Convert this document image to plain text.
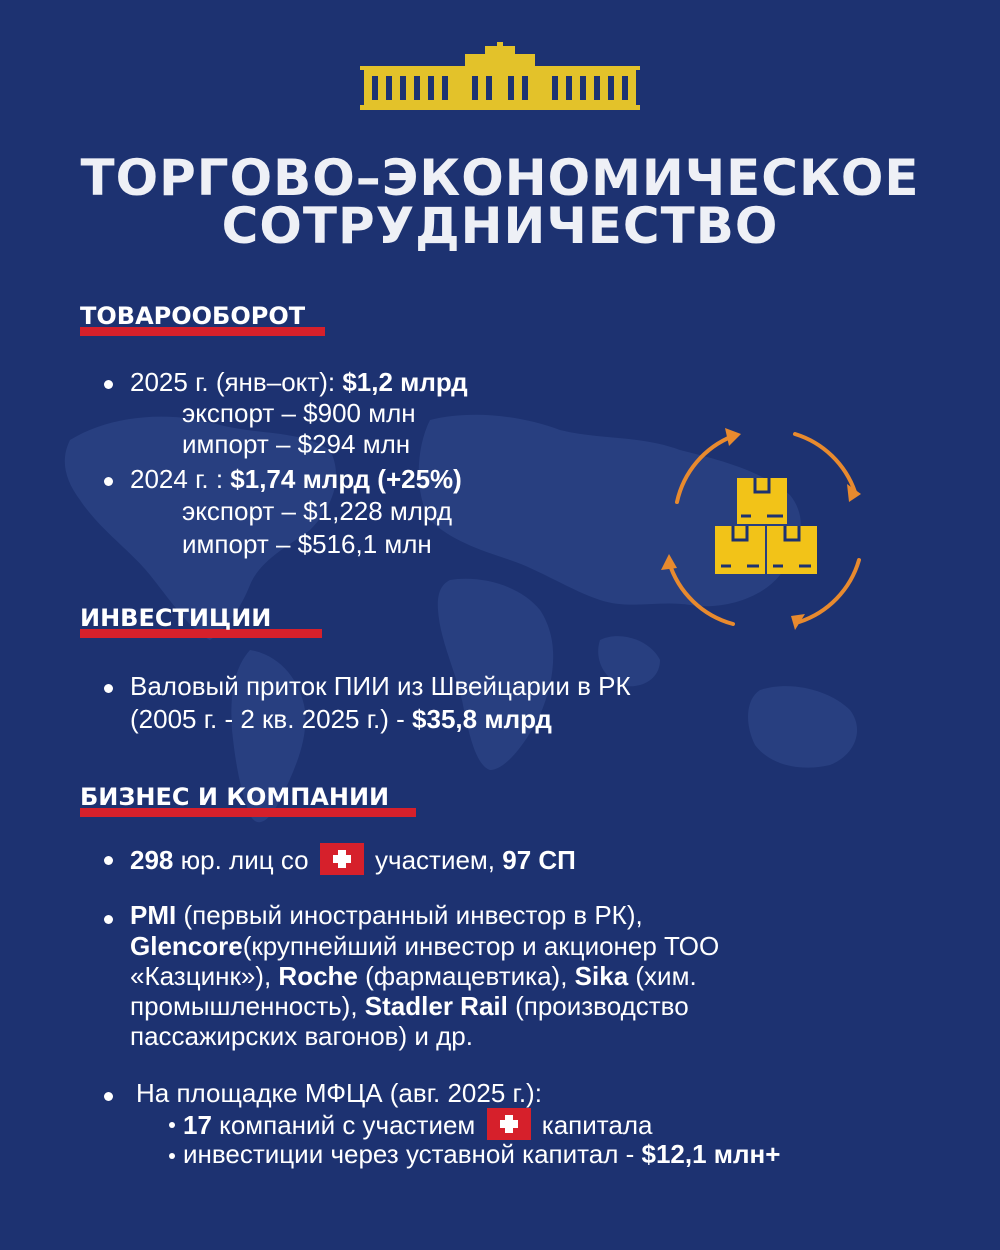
ТОРГОВО–ЭКОНОМИЧЕСКОЕ
СОТРУДНИЧЕСТВО
ТОВАРООБОРОТ
2025 г. (янв–окт): $1,2 млрд
экспорт – $900 млн
импорт – $294 млн
2024 г. : $1,74 млрд (+25%)
экспорт – $1,228 млрд
импорт – $516,1 млн
ИНВЕСТИЦИИ
Валовый приток ПИИ из Швейцарии в РК
(2005 г. - 2 кв. 2025 г.) - $35,8 млрд
БИЗНЕС И КОМПАНИИ
298 юр. лиц со  участием, 97 СП
PMI (первый иностранный инвестор в РК),
Glencore(крупнейший инвестор и акционер ТОО
«Казцинк»), Roche (фармацевтика), Sika (хим.
промышленность), Stadler Rail (производство
пассажирских вагонов) и др.
На площадке МФЦА (авг. 2025 г.):
17 компаний с участием  капитала
инвестиции через уставной капитал - $12,1 млн+
